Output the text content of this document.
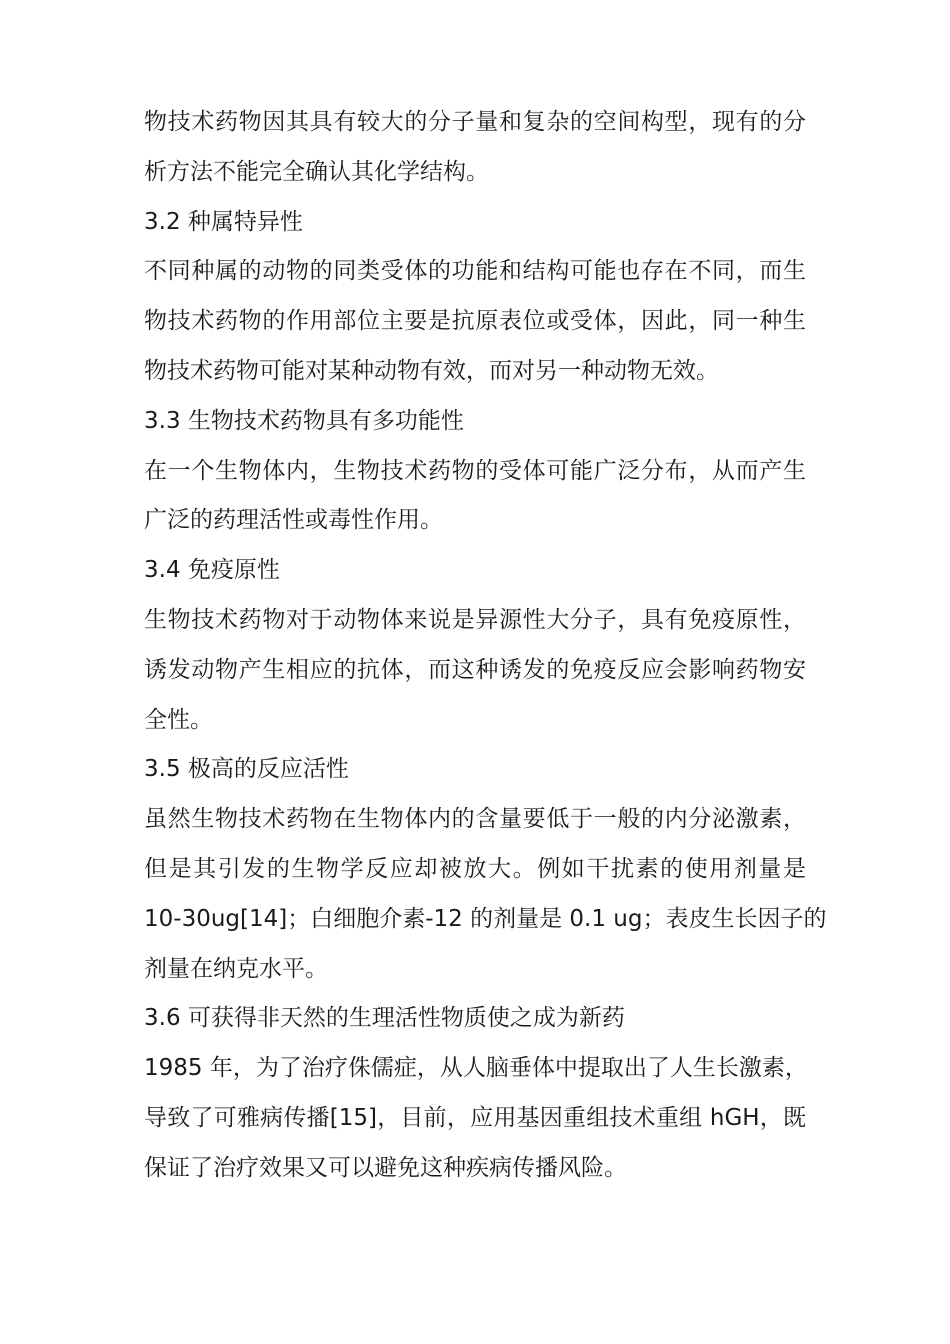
物技术药物因其具有较大的分子量和复杂的空间构型，现有的分
析方法不能完全确认其化学结构。
3.2 种属特异性
不同种属的动物的同类受体的功能和结构可能也存在不同，而生
物技术药物的作用部位主要是抗原表位或受体，因此，同一种生
物技术药物可能对某种动物有效，而对另一种动物无效。
3.3 生物技术药物具有多功能性
在一个生物体内，生物技术药物的受体可能广泛分布，从而产生
广泛的药理活性或毒性作用。
3.4 免疫原性
生物技术药物对于动物体来说是异源性大分子，具有免疫原性，
诱发动物产生相应的抗体，而这种诱发的免疫反应会影响药物安
全性。
3.5 极高的反应活性
虽然生物技术药物在生物体内的含量要低于一般的内分泌激素，
但是其引发的生物学反应却被放大。例如干扰素的使用剂量是
10-30ug[14]；白细胞介素-12 的剂量是 0.1 ug；表皮生长因子的
剂量在纳克水平。
3.6 可获得非天然的生理活性物质使之成为新药
1985 年，为了治疗侏儒症，从人脑垂体中提取出了人生长激素，
导致了可雅病传播[15]，目前，应用基因重组技术重组 hGH，既
保证了治疗效果又可以避免这种疾病传播风险。
